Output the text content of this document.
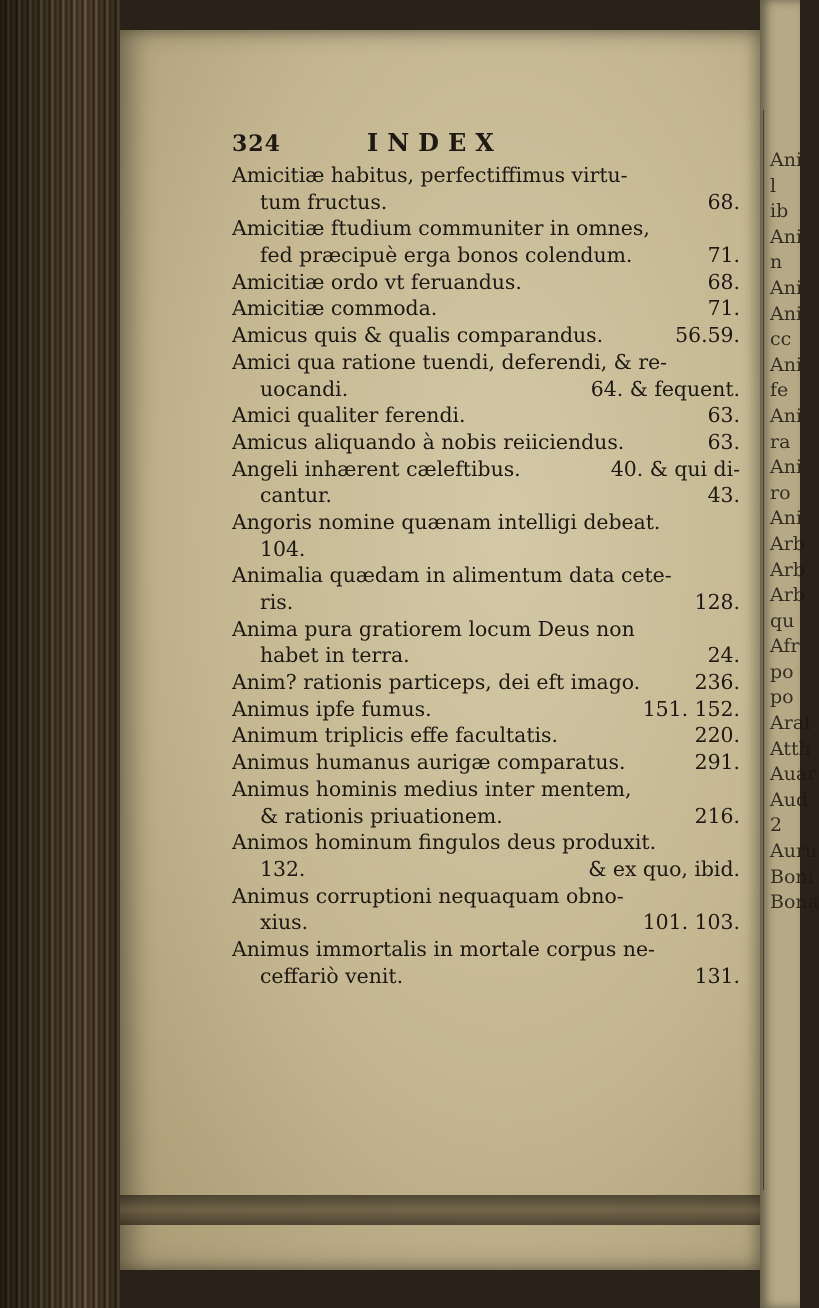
Ani
l
ib
Ani
n
Ani
Ani
cc
Ani
fe
Ani
ra
Ani
ro
Ani
Arb
Arb
Arb
qu
Afr
po
po
Arat
Atth
Auar
Aud
2
Auru
Boni
Bona
324	INDEX
Amicitiæ habitus, perfectiffimus virtu-
tum fructus.	68.
Amicitiæ ftudium communiter in omnes,
fed præcipuè erga bonos colendum.	71.
Amicitiæ ordo vt feruandus.	68.
Amicitiæ commoda.	71.
Amicus quis & qualis comparandus.	56.59.
Amici qua ratione tuendi, deferendi, & re-
uocandi.	64. & fequent.
Amici qualiter ferendi.	63.
Amicus aliquando à nobis reiiciendus.	63.
Angeli inhærent cæleftibus.	40. & qui di-
cantur.	43.
Angoris nomine quænam intelligi debeat.
104.
Animalia quædam in alimentum data cete-
ris.	128.
Anima pura gratiorem locum Deus non
habet in terra.	24.
Anim? rationis particeps, dei eft imago.	236.
Animus ipfe fumus.	151. 152.
Animum triplicis effe facultatis.	220.
Animus humanus aurigæ comparatus.	291.
Animus hominis medius inter mentem,
& rationis priuationem.	216.
Animos hominum fingulos deus produxit.
132.	& ex quo, ibid.
Animus corruptioni nequaquam obno-
xius.	101. 103.
Animus immortalis in mortale corpus ne-
ceffariò venit.	131.
